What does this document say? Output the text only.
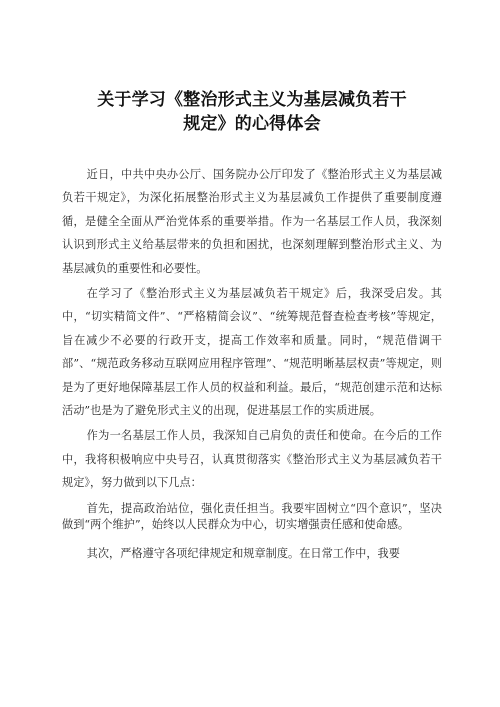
关于学习《整治形式主义为基层减负若干
规定》的心得体会

近日，中共中央办公厅、国务院办公厅印发了《整治形式主义为基层减负若干规定》，为深化拓展整治形式主义为基层减负工作提供了重要制度遵循，是健全全面从严治党体系的重要举措。作为一名基层工作人员，我深刻认识到形式主义给基层带来的负担和困扰，也深刻理解到整治形式主义、为基层减负的重要性和必要性。

在学习了《整治形式主义为基层减负若干规定》后，我深受启发。其中，“切实精简文件”、“严格精简会议”、“统筹规范督查检查考核”等规定，旨在减少不必要的行政开支，提高工作效率和质量。同时，“规范借调干部”、“规范政务移动互联网应用程序管理”、“规范明晰基层权责”等规定，则是为了更好地保障基层工作人员的权益和利益。最后，“规范创建示范和达标活动”也是为了避免形式主义的出现，促进基层工作的实质进展。

作为一名基层工作人员，我深知自己肩负的责任和使命。在今后的工作中，我将积极响应中央号召，认真贯彻落实《整治形式主义为基层减负若干规定》，努力做到以下几点：

首先，提高政治站位，强化责任担当。我要牢固树立“四个意识”，坚决做到“两个维护”，始终以人民群众为中心，切实增强责任感和使命感。

其次，严格遵守各项纪律规定和规章制度。在日常工作中，我要
